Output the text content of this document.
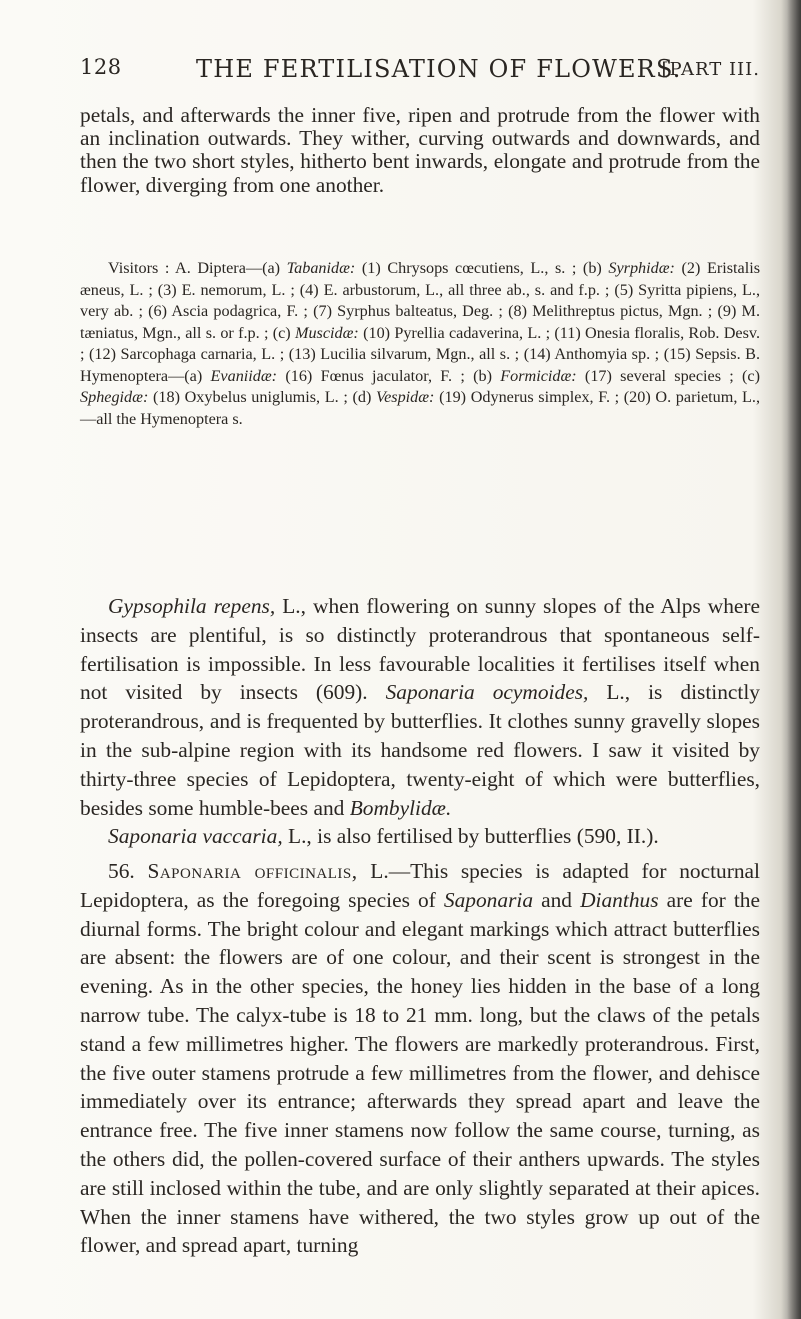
128	THE FERTILISATION OF FLOWERS.
[PART III.

petals, and afterwards the inner five, ripen and protrude from the flower with an inclination outwards. They wither, curving outwards and downwards, and then the two short styles, hitherto bent inwards, elongate and protrude from the flower, diverging from one another.

Visitors : A. Diptera—(a) Tabanidæ: (1) Chrysops cœcutiens, L., s. ; (b) Syrphidæ: (2) Eristalis æneus, L. ; (3) E. nemorum, L. ; (4) E. arbustorum, L., all three ab., s. and f.p. ; (5) Syritta pipiens, L., very ab. ; (6) Ascia podagrica, F. ; (7) Syrphus balteatus, Deg. ; (8) Melithreptus pictus, Mgn. ; (9) M. tæniatus, Mgn., all s. or f.p. ; (c) Muscidæ: (10) Pyrellia cadaverina, L. ; (11) Onesia floralis, Rob. Desv. ; (12) Sarcophaga carnaria, L. ; (13) Lucilia silvarum, Mgn., all s. ; (14) Anthomyia sp. ; (15) Sepsis. B. Hymenoptera—(a) Evaniidæ: (16) Fœnus jaculator, F. ; (b) Formicidæ: (17) several species ; (c) Sphegidæ: (18) Oxybelus uniglumis, L. ; (d) Vespidæ: (19) Odynerus simplex, F. ; (20) O. parietum, L.,—all the Hymenoptera s.

Gypsophila repens, L., when flowering on sunny slopes of the Alps where insects are plentiful, is so distinctly proterandrous that spontaneous self-fertilisation is impossible. In less favourable localities it fertilises itself when not visited by insects (609). Saponaria ocymoides, L., is distinctly proterandrous, and is frequented by butterflies. It clothes sunny gravelly slopes in the sub-alpine region with its handsome red flowers. I saw it visited by thirty-three species of Lepidoptera, twenty-eight of which were butterflies, besides some humble-bees and Bombylidæ.

Saponaria vaccaria, L., is also fertilised by butterflies (590, II.).

56. Saponaria officinalis, L.—This species is adapted for nocturnal Lepidoptera, as the foregoing species of Saponaria and Dianthus are for the diurnal forms. The bright colour and elegant markings which attract butterflies are absent: the flowers are of one colour, and their scent is strongest in the evening. As in the other species, the honey lies hidden in the base of a long narrow tube. The calyx-tube is 18 to 21 mm. long, but the claws of the petals stand a few millimetres higher. The flowers are markedly proterandrous. First, the five outer stamens protrude a few millimetres from the flower, and dehisce immediately over its entrance; afterwards they spread apart and leave the entrance free. The five inner stamens now follow the same course, turning, as the others did, the pollen-covered surface of their anthers upwards. The styles are still inclosed within the tube, and are only slightly separated at their apices. When the inner stamens have withered, the two styles grow up out of the flower, and spread apart, turning
